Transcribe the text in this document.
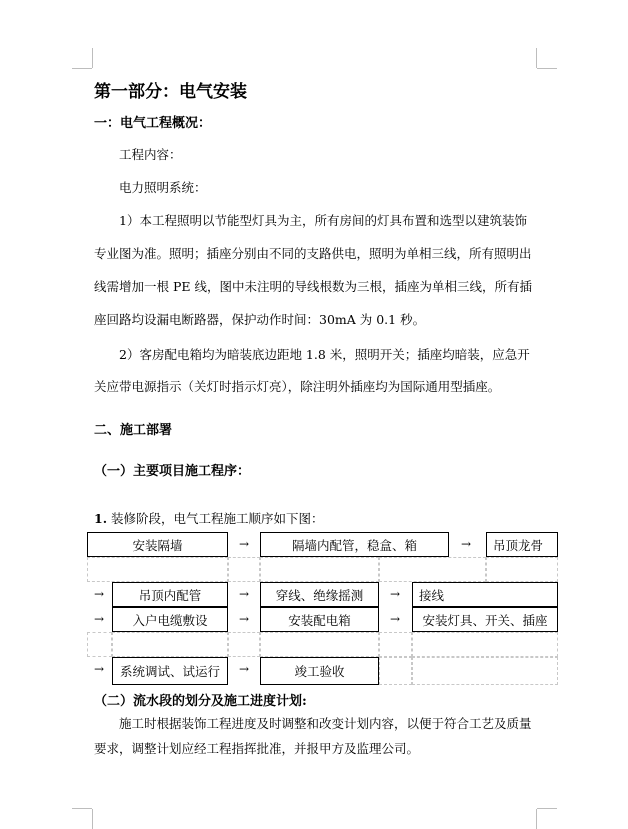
第一部分：电气安装
一：电气工程概况：
工程内容：
电力照明系统：
1）本工程照明以节能型灯具为主，所有房间的灯具布置和选型以建筑装饰
专业图为准。照明；插座分别由不同的支路供电，照明为单相三线，所有照明出
线需增加一根 PE 线，图中未注明的导线根数为三根，插座为单相三线，所有插
座回路均设漏电断路器，保护动作时间：30mA 为 0.1 秒。
2）客房配电箱均为暗装底边距地 1.8 米，照明开关；插座均暗装，应急开
关应带电源指示（关灯时指示灯亮），除注明外插座均为国际通用型插座。
二、施工部署
（一）主要项目施工程序：
1. 装修阶段，电气工程施工顺序如下图：
安装隔墙	→	隔墙内配管，稳盒、箱	→	吊顶龙骨
→	吊顶内配管	→	穿线、绝缘摇测	→	接线
→	入户电缆敷设	→	安装配电箱	→	安装灯具、开关、插座
→	系统调试、试运行	→	竣工验收
（二）流水段的划分及施工进度计划:
施工时根据装饰工程进度及时调整和改变计划内容，以便于符合工艺及质量
要求，调整计划应经工程指挥批准，并报甲方及监理公司。
